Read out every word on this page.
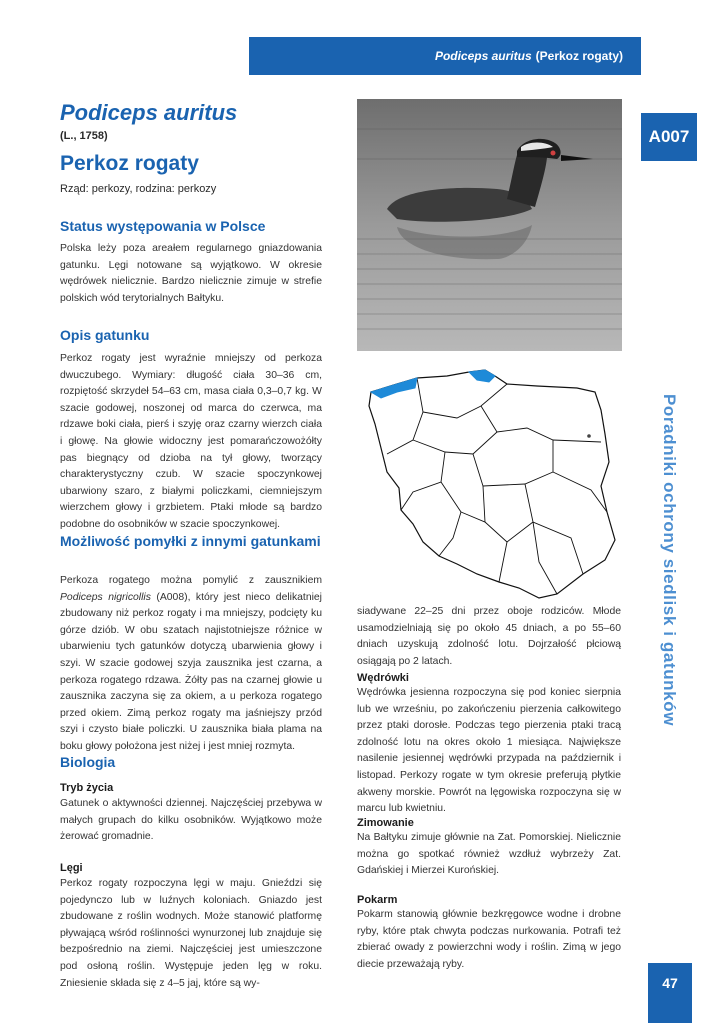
Podiceps auritus (Perkoz rogaty)
A007
Poradniki ochrony siedlisk i gatunków
47
Podiceps auritus
(L., 1758)
Perkoz rogaty
Rząd: perkozy, rodzina: perkozy
Status występowania w Polsce

Polska leży poza areałem regularnego gniazdowania gatunku. Lęgi notowane są wyjątkowo. W okresie wędrówek nielicznie. Bardzo nielicznie zimuje w strefie polskich wód terytorialnych Bałtyku.

Opis gatunku

Perkoz rogaty jest wyraźnie mniejszy od perkoza dwuczubego. Wymiary: długość ciała 30–36 cm, rozpiętość skrzydeł 54–63 cm, masa ciała 0,3–0,7 kg. W szacie godowej, noszonej od marca do czerwca, ma rdzawe boki ciała, pierś i szyję oraz czarny wierzch ciała i głowę. Na głowie widoczny jest pomarańczowożółty pas biegnący od dzioba na tył głowy, tworzący charakterystyczny czub. W szacie spoczynkowej ubarwiony szaro, z białymi policzkami, ciemniejszym wierzchem głowy i grzbietem. Ptaki młode są bardzo podobne do osobników w szacie spoczynkowej.

Możliwość pomyłki z innymi gatunkami

Perkoza rogatego można pomylić z zausznikiem Podiceps nigricollis (A008), który jest nieco delikatniej zbudowany niż perkoz rogaty i ma mniejszy, podcięty ku górze dziób. W obu szatach najistotniejsze różnice w ubarwieniu tych gatunków dotyczą ubarwienia głowy i szyi. W szacie godowej szyja zausznika jest czarna, a perkoza rogatego rdzawa. Żółty pas na czarnej głowie u zausznika zaczyna się za okiem, a u perkoza rogatego przed okiem. Zimą perkoz rogaty ma jaśniejszy przód szyi i czysto białe policzki. U zausznika biała plama na boku głowy położona jest niżej i jest mniej rozmyta.

Biologia
Tryb życia

Gatunek o aktywności dziennej. Najczęściej przebywa w małych grupach do kilku osobników. Wyjątkowo może żerować gromadnie.

Lęgi

Perkoz rogaty rozpoczyna lęgi w maju. Gnieździ się pojedynczo lub w luźnych koloniach. Gniazdo jest zbudowane z roślin wodnych. Może stanowić platformę pływającą wśród roślinności wynurzonej lub znajduje się bezpośrednio na ziemi. Najczęściej jest umieszczone pod osłoną roślin. Występuje jeden lęg w roku. Zniesienie składa się z 4–5 jaj, które są wy-

siadywane 22–25 dni przez oboje rodziców. Młode usamodzielniają się po około 45 dniach, a po 55–60 dniach uzyskują zdolność lotu. Dojrzałość płciową osiągają po 2 latach.

Wędrówki

Wędrówka jesienna rozpoczyna się pod koniec sierpnia lub we wrześniu, po zakończeniu pierzenia całkowitego przez ptaki dorosłe. Podczas tego pierzenia ptaki tracą zdolność lotu na okres około 1 miesiąca. Największe nasilenie jesiennej wędrówki przypada na październik i listopad. Perkozy rogate w tym okresie preferują płytkie akweny morskie. Powrót na lęgowiska rozpoczyna się w marcu lub kwietniu.

Zimowanie

Na Bałtyku zimuje głównie na Zat. Pomorskiej. Nielicznie można go spotkać również wzdłuż wybrzeży Zat. Gdańskiej i Mierzei Kurońskiej.

Pokarm

Pokarm stanowią głównie bezkręgowce wodne i drobne ryby, które ptak chwyta podczas nurkowania. Potrafi też zbierać owady z powierzchni wody i roślin. Zimą w jego diecie przeważają ryby.
